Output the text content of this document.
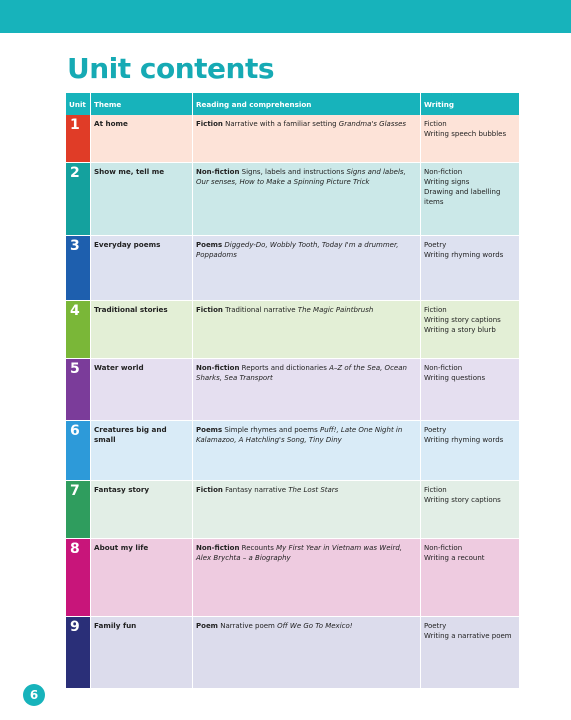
Unit contents
Unit	Theme	Reading and comprehension	Writing
1	At home	Fiction Narrative with a familiar setting Grandma's Glasses	Fiction
Writing speech bubbles

2	Show me, tell me	Non-fiction Signs, labels and instructions Signs and labels, Our senses, How to Make a Spinning Picture Trick	Non-fiction
Writing signs
Drawing and labelling items

3	Everyday poems	Poems Diggedy-Do, Wobbly Tooth, Today I'm a drummer, Poppadoms	Poetry
Writing rhyming words

4	Traditional stories	Fiction Traditional narrative The Magic Paintbrush	Fiction
Writing story captions
Writing a story blurb

5	Water world	Non-fiction Reports and dictionaries A–Z of the Sea, Ocean Sharks, Sea Transport	Non-fiction
Writing questions

6	Creatures big and small	Poems Simple rhymes and poems Puff!, Late One Night in Kalamazoo, A Hatchling's Song, Tiny Diny	Poetry
Writing rhyming words

7	Fantasy story	Fiction Fantasy narrative The Lost Stars	Fiction
Writing story captions

8	About my life	Non-fiction Recounts My First Year in Vietnam was Weird, Alex Brychta – a Biography	Non-fiction
Writing a recount

9	Family fun	Poem Narrative poem Off We Go To Mexico!	Poetry
Writing a narrative poem
6
